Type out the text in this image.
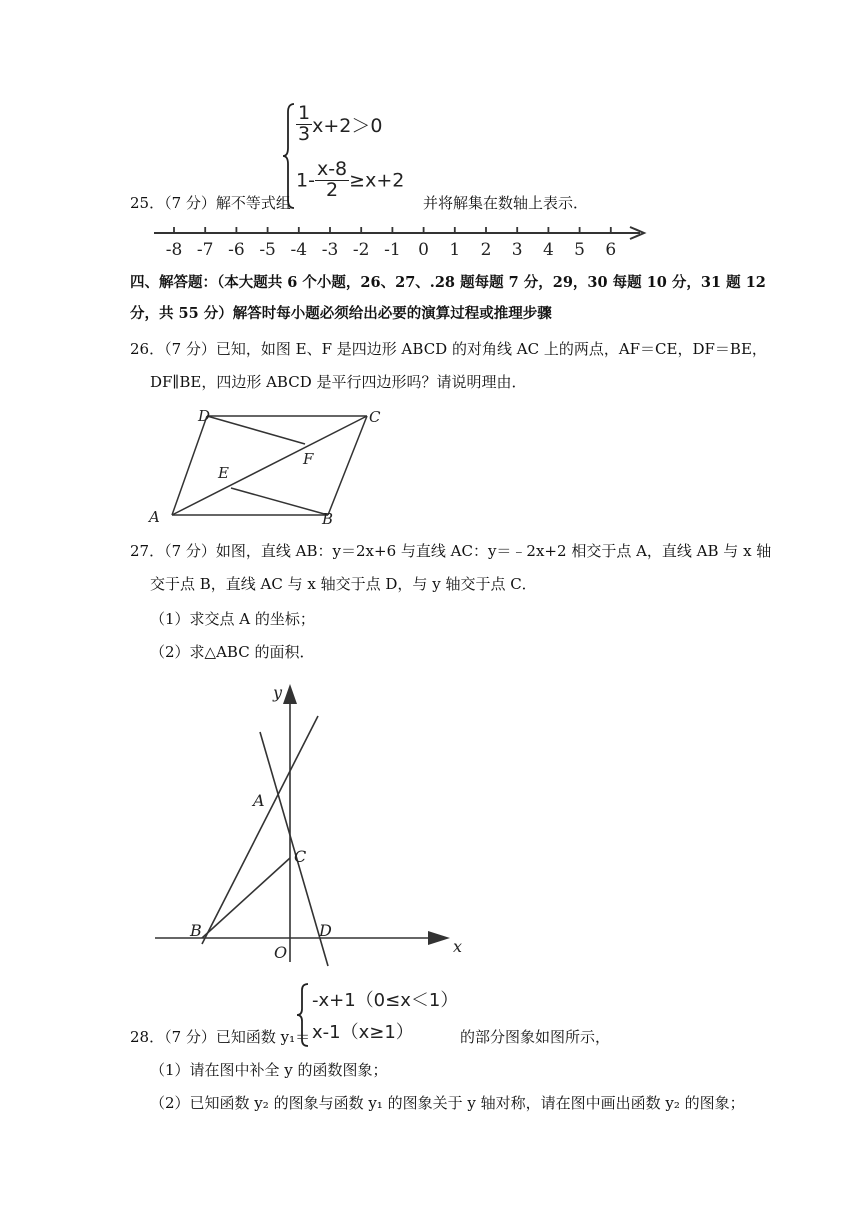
$\frac{1}{3} x+2>0$
$1- \frac{x-8}{2} \ge x+2$
25．（7 分）解不等式组	并将解集在数轴上表示．
-8 -7 -6 -5 -4 -3 -2 -1 0 1 2 3 4 5 6
四、解答题：（本大题共 6 个小题，26、27、.28 题每题 7 分，29，30 每题 10 分，31 题 12
分，共 55 分）解答时每小题必须给出必要的演算过程或推理步骤
26．（7 分）已知，如图 E、F 是四边形 ABCD 的对角线 AC 上的两点，AF＝CE，DF＝BE，
DF∥BE，四边形 ABCD 是平行四边形吗？请说明理由．
A	B
C
D
E
F
27．（7 分）如图，直线 AB：y＝2x+6 与直线 AC：y＝﹣2x+2 相交于点 A，直线 AB 与 x 轴
交于点 B，直线 AC 与 x 轴交于点 D，与 y 轴交于点 C．
（1）求交点 A 的坐标；
（2）求△ABC 的面积．
y
x
A
B
C
D
O
28．（7 分）已知函数 y₁＝
-x+1（0≤x＜1）
x-1（x≥1）	的部分图象如图所示，
（1）请在图中补全 y 的函数图象；
（2）已知函数 y₂ 的图象与函数 y₁ 的图象关于 y 轴对称，请在图中画出函数 y₂ 的图象；
